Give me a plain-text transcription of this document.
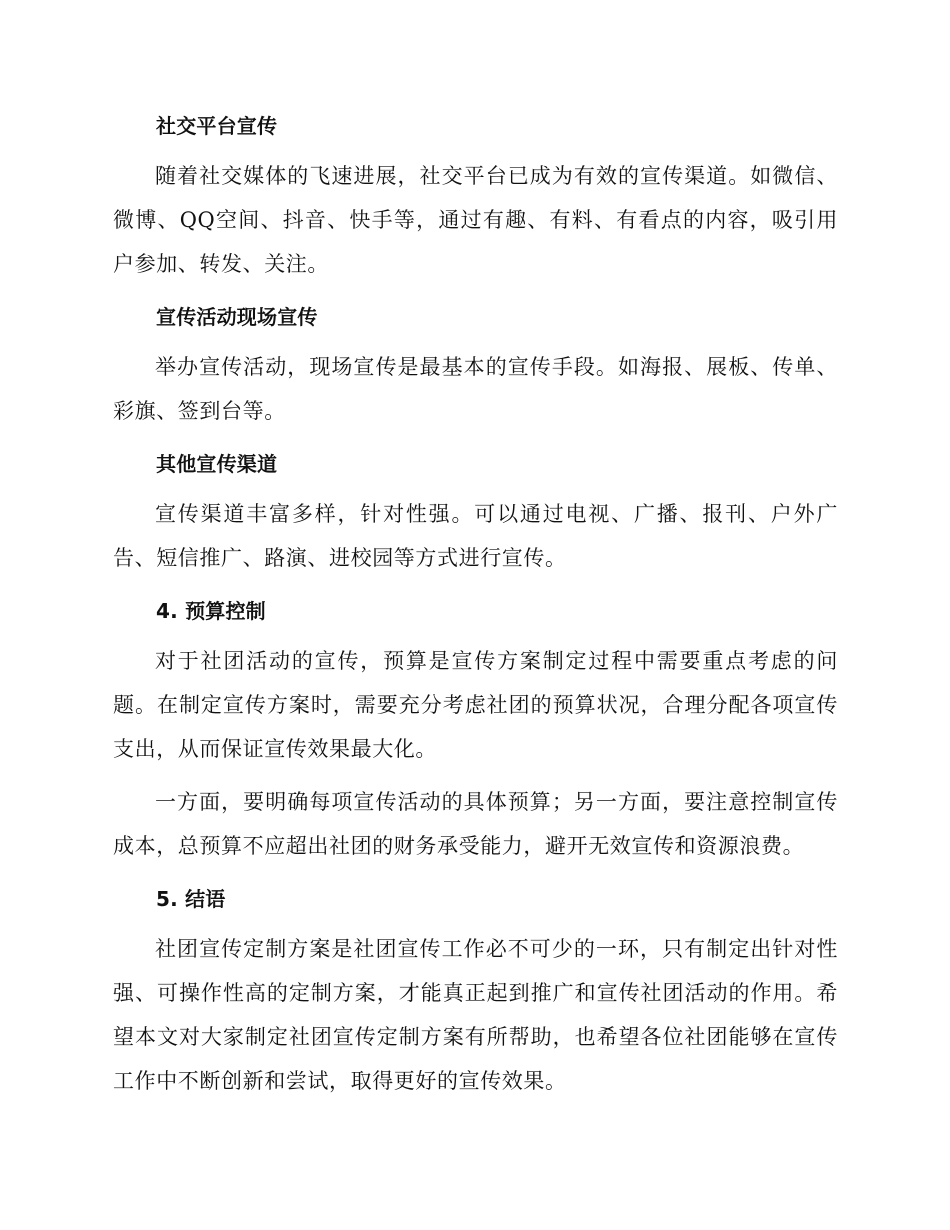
社交平台宣传

随着社交媒体的飞速进展，社交平台已成为有效的宣传渠道。如微信、微博、QQ空间、抖音、快手等，通过有趣、有料、有看点的内容，吸引用户参加、转发、关注。

宣传活动现场宣传

举办宣传活动，现场宣传是最基本的宣传手段。如海报、展板、传单、彩旗、签到台等。

其他宣传渠道

宣传渠道丰富多样，针对性强。可以通过电视、广播、报刊、户外广告、短信推广、路演、进校园等方式进行宣传。

4. 预算控制

对于社团活动的宣传，预算是宣传方案制定过程中需要重点考虑的问题。在制定宣传方案时，需要充分考虑社团的预算状况，合理分配各项宣传支出，从而保证宣传效果最大化。

一方面，要明确每项宣传活动的具体预算；另一方面，要注意控制宣传成本，总预算不应超出社团的财务承受能力，避开无效宣传和资源浪费。

5. 结语

社团宣传定制方案是社团宣传工作必不可少的一环，只有制定出针对性强、可操作性高的定制方案，才能真正起到推广和宣传社团活动的作用。希望本文对大家制定社团宣传定制方案有所帮助，也希望各位社团能够在宣传工作中不断创新和尝试，取得更好的宣传效果。
